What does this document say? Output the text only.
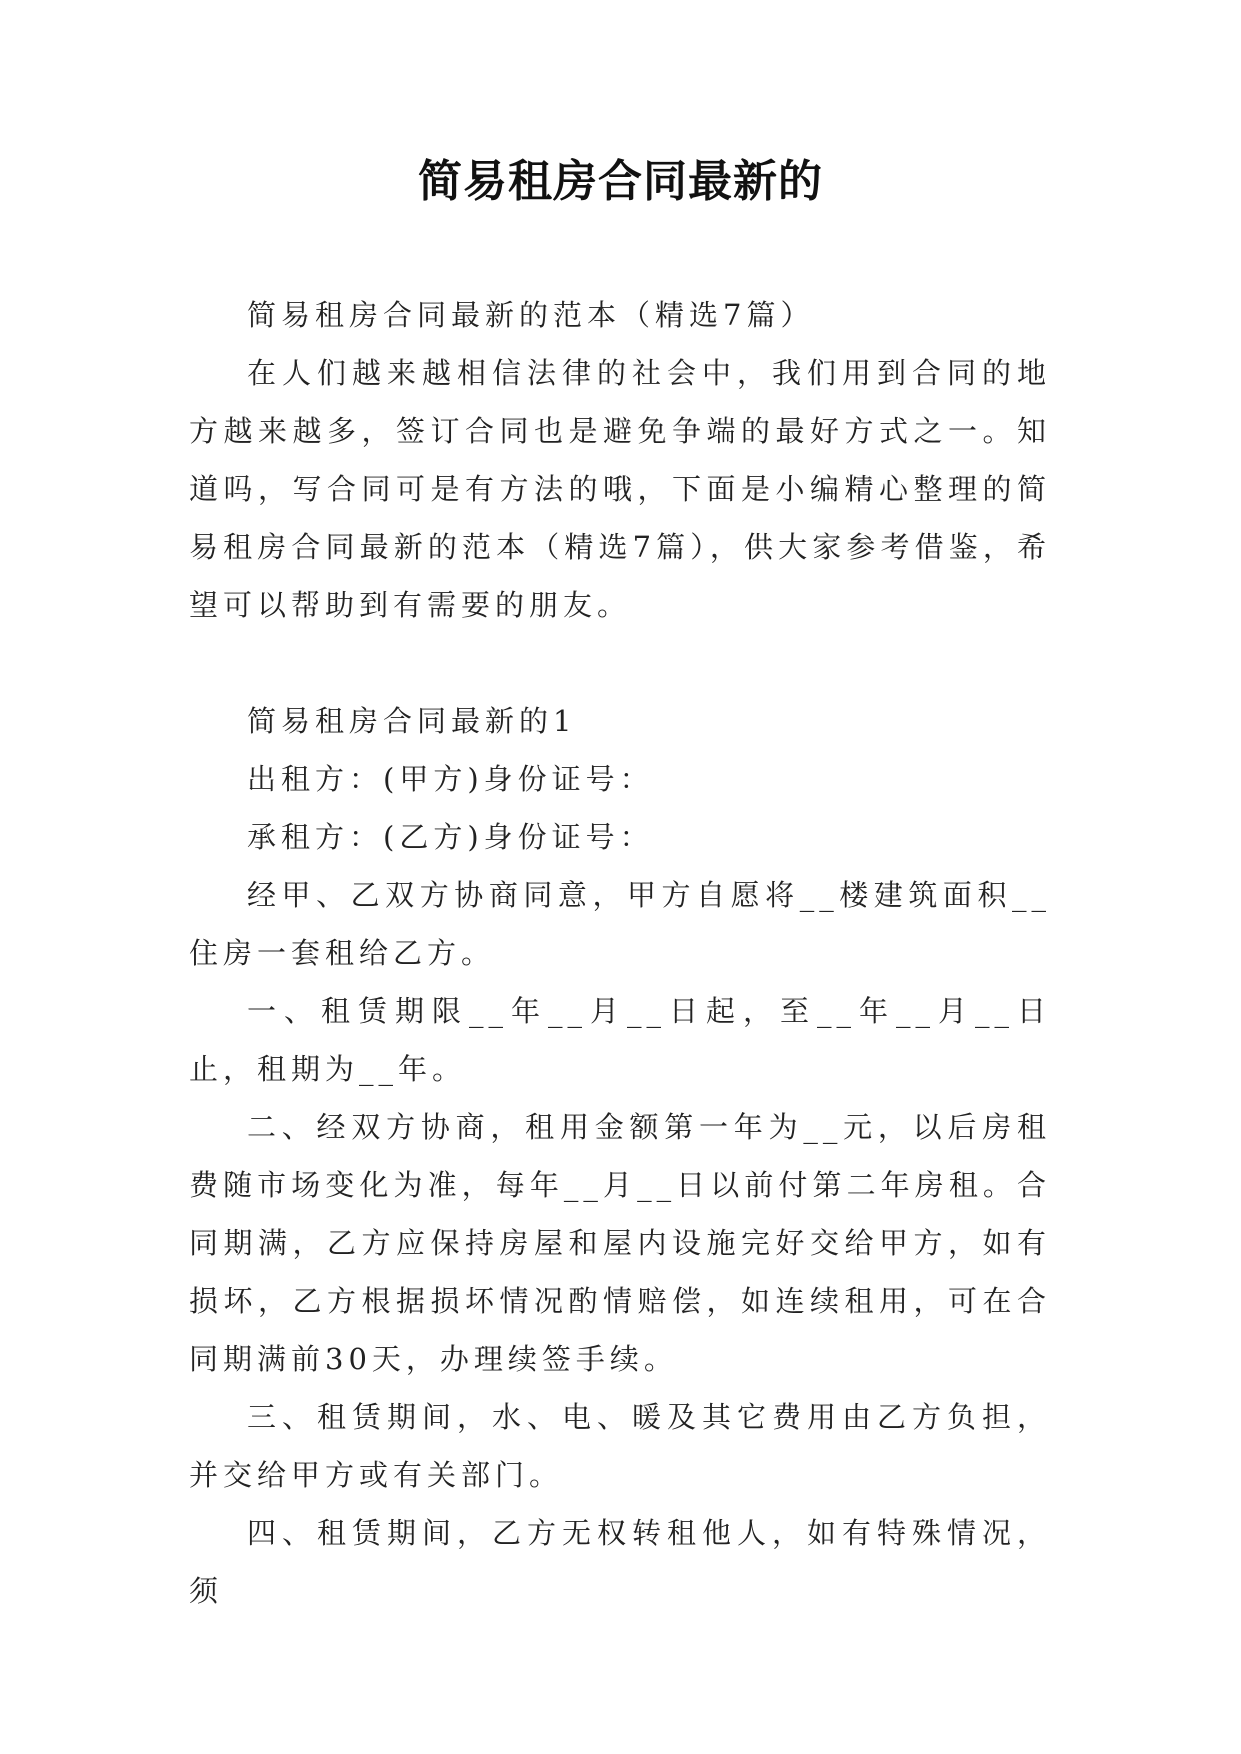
简易租房合同最新的

简易租房合同最新的范本（精选7篇）

在人们越来越相信法律的社会中，我们用到合同的地方越来越多，签订合同也是避免争端的最好方式之一。知道吗，写合同可是有方法的哦，下面是小编精心整理的简易租房合同最新的范本（精选7篇），供大家参考借鉴，希望可以帮助到有需要的朋友。

简易租房合同最新的1

出租方：(甲方)身份证号：

承租方：(乙方)身份证号：

经甲、乙双方协商同意，甲方自愿将__楼建筑面积__住房一套租给乙方。

一、租赁期限__年__月__日起，至__年__月__日止，租期为__年。

二、经双方协商，租用金额第一年为__元，以后房租费随市场变化为准，每年__月__日以前付第二年房租。合同期满，乙方应保持房屋和屋内设施完好交给甲方，如有损坏，乙方根据损坏情况酌情赔偿，如连续租用，可在合同期满前30天，办理续签手续。

三、租赁期间，水、电、暖及其它费用由乙方负担，并交给甲方或有关部门。

四、租赁期间，乙方无权转租他人，如有特殊情况，须
